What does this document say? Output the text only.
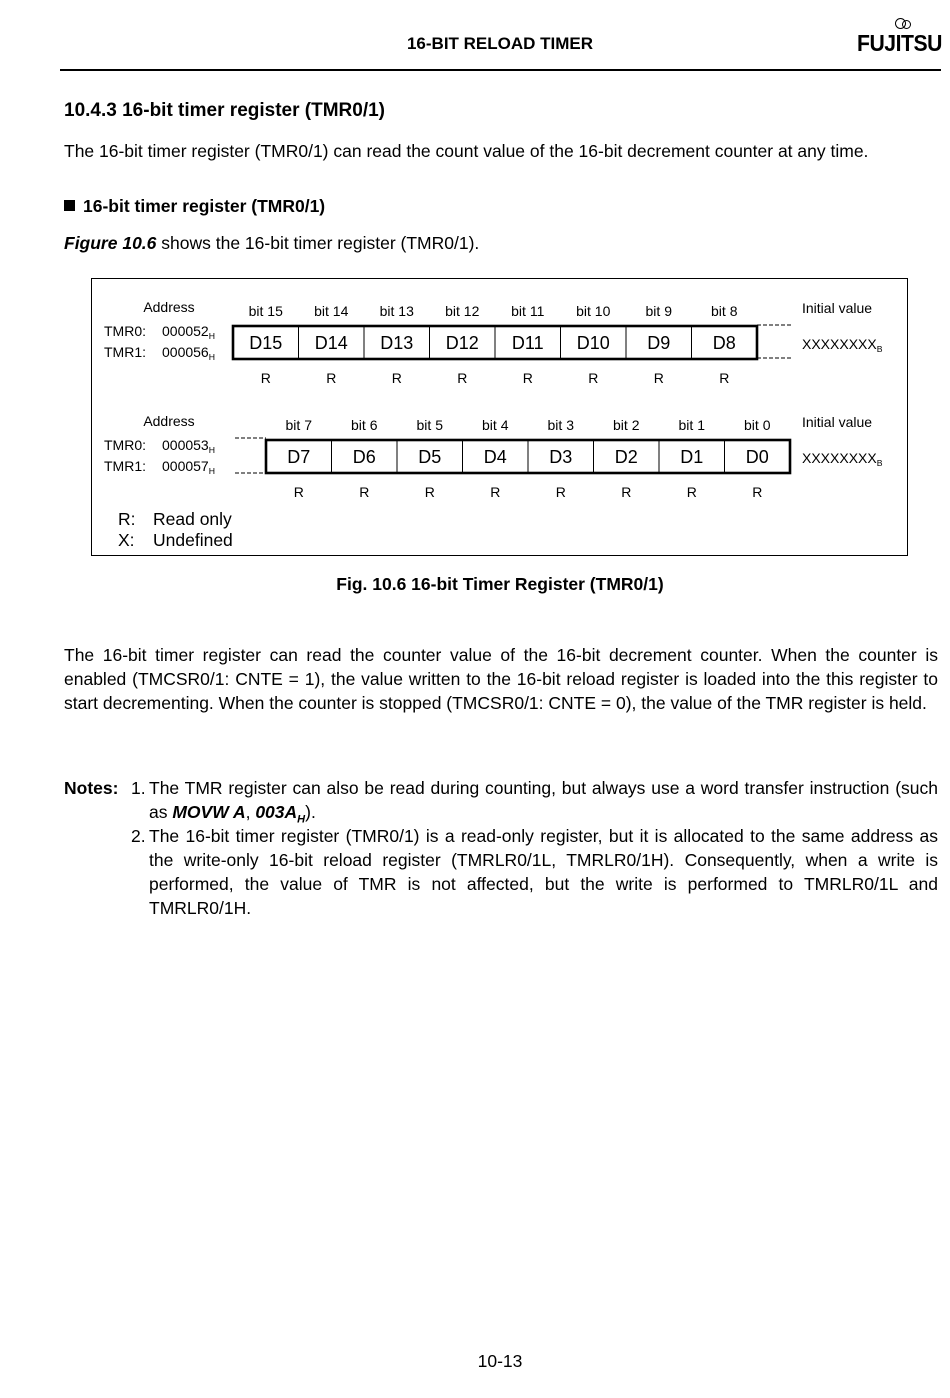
16-BIT RELOAD TIMER	FUJITSU
10.4.3 16-bit timer register (TMR0/1)
The 16-bit timer register (TMR0/1) can read the count value of the 16-bit decrement counter at any time.
16-bit timer register (TMR0/1)
Figure 10.6 shows the 16-bit timer register (TMR0/1).
Address
TMR0: $000052_H$
TMR1: $000056_H$
bit 15
D15
R
bit 14
D14
R
bit 13
D13
R
bit 12
D12
R
bit 11
D11
R
bit 10
D10
R
bit 9
D9
R
bit 8
D8
R
Initial value
$XXXXXXXX_B$
Address
TMR0: $000053_H$
TMR1: $000057_H$
bit 7
D7
R
bit 6
D6
R
bit 5
D5
R
bit 4
D4
R
bit 3
D3
R
bit 2
D2
R
bit 1
D1
R
bit 0
D0
R
Initial value
$XXXXXXXX_B$
R: Read only
X: Undefined
Fig. 10.6 16-bit Timer Register (TMR0/1)
The 16-bit timer register can read the counter value of the 16-bit decrement counter. When the counter is enabled (TMCSR0/1: CNTE = 1), the value written to the 16-bit reload register is loaded into the this register to start decrementing. When the counter is stopped (TMCSR0/1: CNTE = 0), the value of the TMR register is held.
Notes: 1. The TMR register can also be read during counting, but always use a word transfer instruction (such as MOVW A, $003A_H$).
2. The 16-bit timer register (TMR0/1) is a read-only register, but it is allocated to the same address as the write-only 16-bit reload register (TMRLR0/1L, TMRLR0/1H). Consequently, when a write is performed, the value of TMR is not affected, but the write is performed to TMRLR0/1L and TMRLR0/1H.
10-13
